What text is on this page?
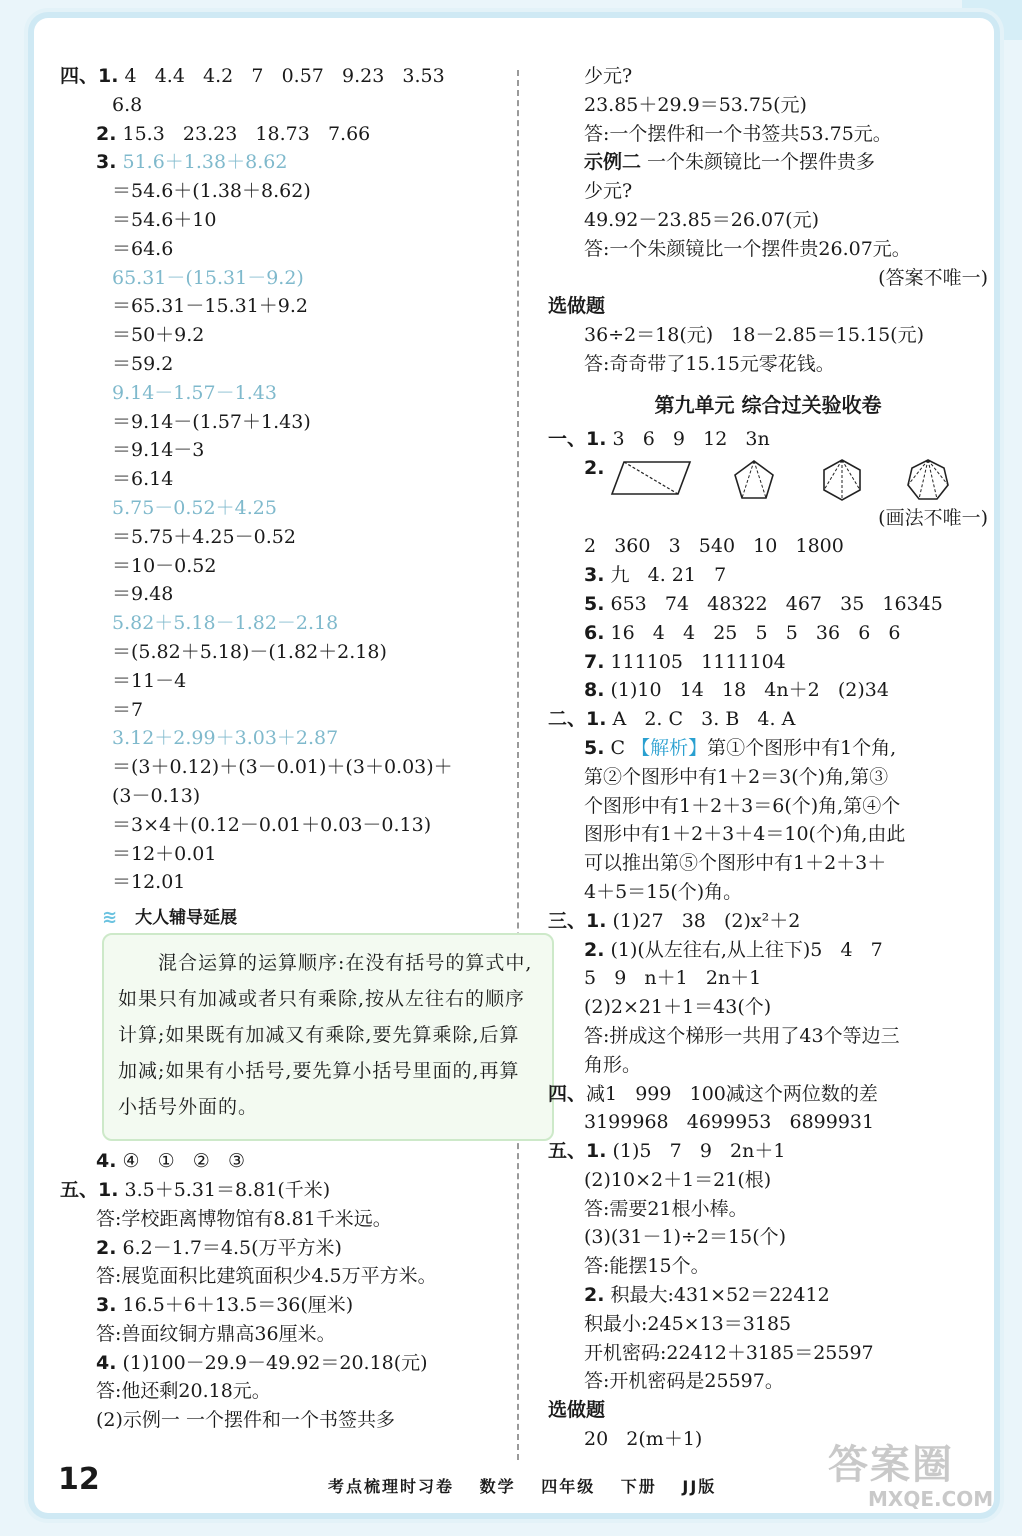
四、1. 4   4.4   4.2   7   0.57   9.23   3.53
6.8
2. 15.3   23.23   18.73   7.66
3. 51.6＋1.38＋8.62
＝54.6＋(1.38＋8.62)
＝54.6＋10
＝64.6
65.31－(15.31－9.2)
＝65.31－15.31＋9.2
＝50＋9.2
＝59.2
9.14－1.57－1.43
＝9.14－(1.57＋1.43)
＝9.14－3
＝6.14
5.75－0.52＋4.25
＝5.75＋4.25－0.52
＝10－0.52
＝9.48
5.82＋5.18－1.82－2.18
＝(5.82＋5.18)－(1.82＋2.18)
＝11－4
＝7
3.12＋2.99＋3.03＋2.87
＝(3＋0.12)＋(3－0.01)＋(3＋0.03)＋
(3－0.13)
＝3×4＋(0.12－0.01＋0.03－0.13)
＝12＋0.01
＝12.01
≋ 大人辅导延展

混合运算的运算顺序:在没有括号的算式中,如果只有加减或者只有乘除,按从左往右的顺序计算;如果既有加减又有乘除,要先算乘除,后算加减;如果有小括号,要先算小括号里面的,再算小括号外面的。

4. ④   ①   ②   ③
五、1. 3.5＋5.31＝8.81(千米)
答:学校距离博物馆有8.81千米远。
2. 6.2－1.7＝4.5(万平方米)
答:展览面积比建筑面积少4.5万平方米。
3. 16.5＋6＋13.5＝36(厘米)
答:兽面纹铜方鼎高36厘米。
4. (1)100－29.9－49.92＝20.18(元)
答:他还剩20.18元。
(2)示例一 一个摆件和一个书签共多
少元?
23.85＋29.9＝53.75(元)
答:一个摆件和一个书签共53.75元。
示例二 一个朱颜镜比一个摆件贵多
少元?
49.92－23.85＝26.07(元)
答:一个朱颜镜比一个摆件贵26.07元。
(答案不唯一)
选做题
36÷2＝18(元)   18－2.85＝15.15(元)
答:奇奇带了15.15元零花钱。
第九单元 综合过关验收卷
一、1. 3   6   9   12   3n
2.
(画法不唯一)
2   360   3   540   10   1800
3. 九   4. 21   7
5. 653   74   48322   467   35   16345
6. 16   4   4   25   5   5   36   6   6
7. 111105   1111104
8. (1)10   14   18   4n＋2   (2)34
二、1. A   2. C   3. B   4. A
5. C 【解析】第①个图形中有1个角,
第②个图形中有1＋2＝3(个)角,第③
个图形中有1＋2＋3＝6(个)角,第④个
图形中有1＋2＋3＋4＝10(个)角,由此
可以推出第⑤个图形中有1＋2＋3＋
4＋5＝15(个)角。
三、1. (1)27   38   (2)x²＋2
2. (1)(从左往右,从上往下)5   4   7
5   9   n＋1   2n＋1
(2)2×21＋1＝43(个)
答:拼成这个梯形一共用了43个等边三
角形。
四、减1   999   100减这个两位数的差
3199968   4699953   6899931
五、1. (1)5   7   9   2n＋1
(2)10×2＋1＝21(根)
答:需要21根小棒。
(3)(31－1)÷2＝15(个)
答:能摆15个。
2. 积最大:431×52＝22412
积最小:245×13＝3185
开机密码:22412＋3185＝25597
答:开机密码是25597。
选做题
20   2(m＋1)
12	考点梳理时习卷 数学 四年级 下册 JJ版	答案圈
MXQE.COM
